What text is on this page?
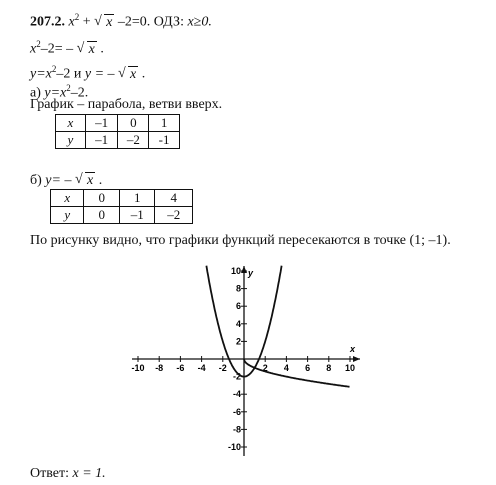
207.2. $x^2$ + √ x –2=0. ОДЗ: x≥0.
$x^2-2=$ – √ x .
$y=x^2-2$ и y = – √ x .
а) $y=x^2-2$.
График – парабола, ветви вверх.
x	–1	0	1
y	–1	–2	-1
б) y= – √ x .
x	0	1	4
y	0	–1	–2
По рисунку видно, что графики функций пересекаются в точке (1; –1).
x
y
-10 -8 -6 -4 -2	2 4 6 8 10
10
8
6
4
2
-2
-4
-6
-8
-10
Ответ: x = 1.
